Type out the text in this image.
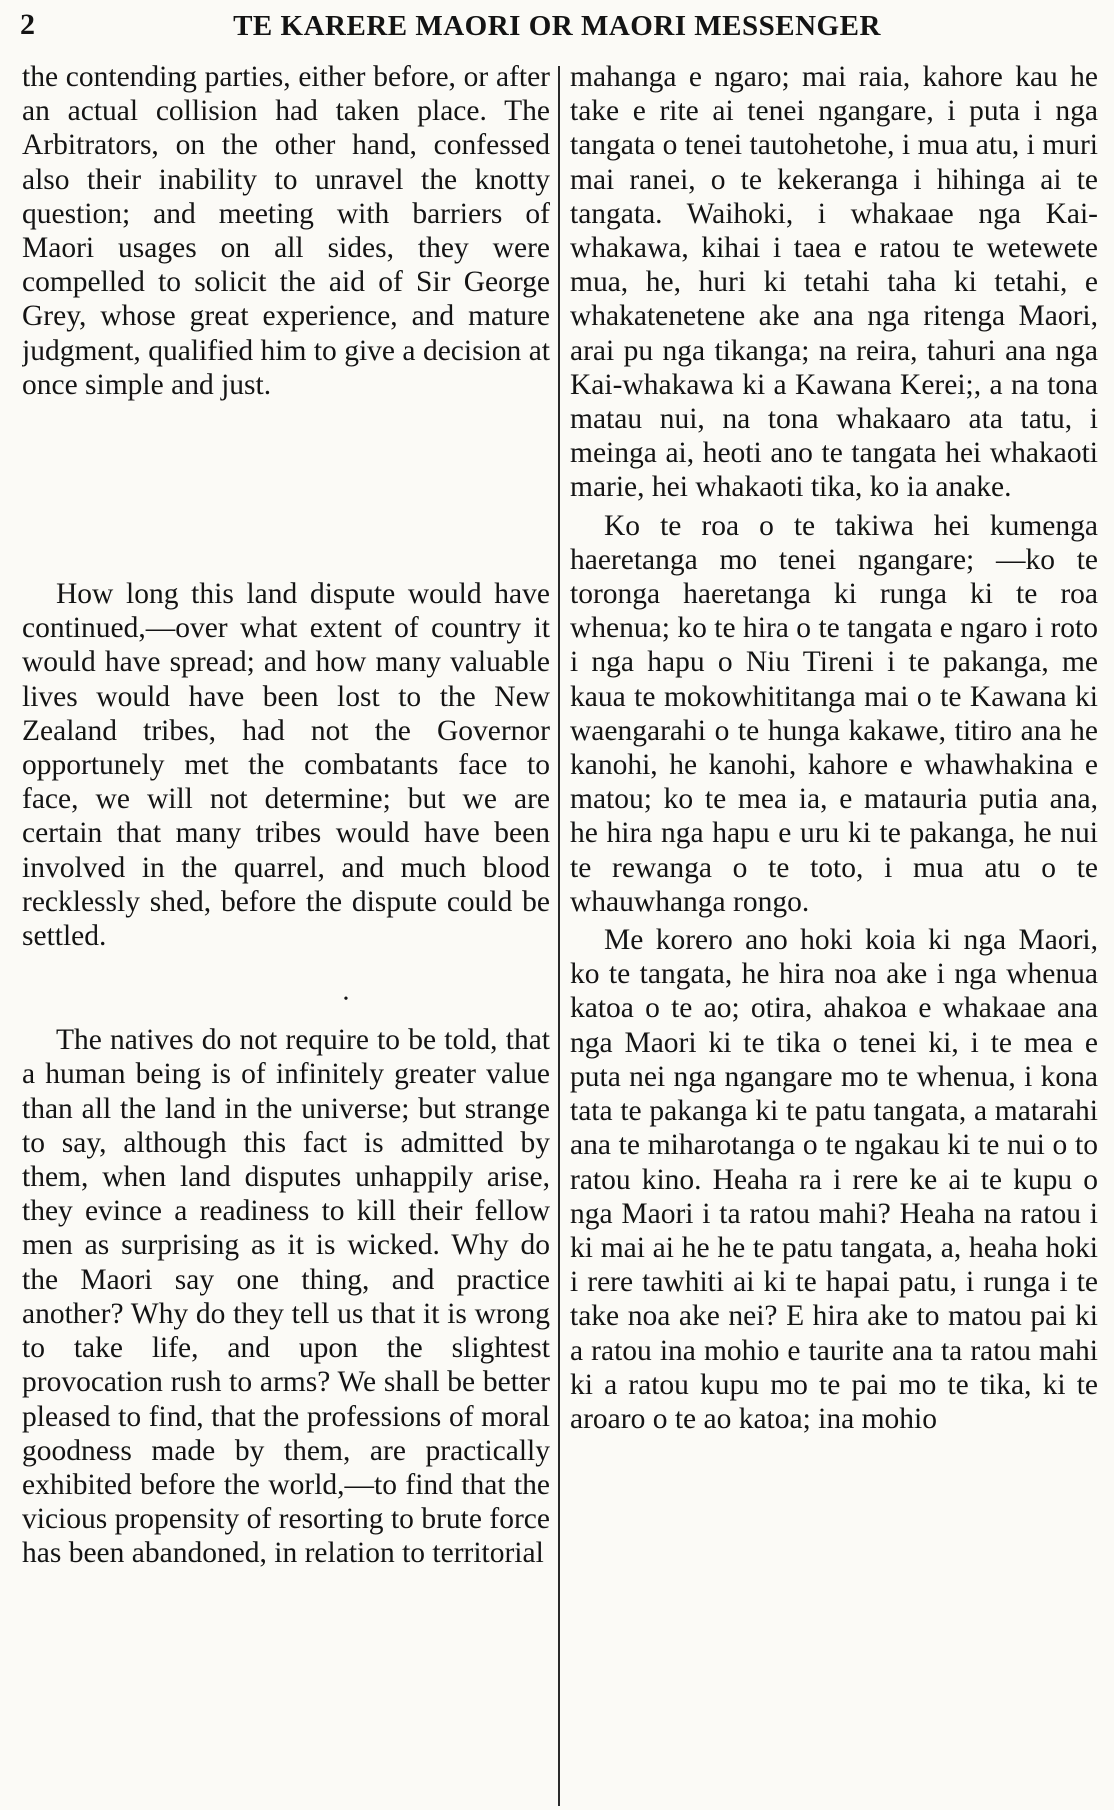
2	TE KARERE MAORI OR MAORI MESSENGER

the contending parties, either before, or after an actual collision had taken place. The Arbitrators, on the other hand, confessed also their inability to unravel the knotty question; and meeting with barriers of Maori usages on all sides, they were compelled to solicit the aid of Sir George Grey, whose great experience, and mature judgment, qualified him to give a decision at once simple and just.

How long this land dispute would have continued,—over what extent of country it would have spread; and how many valuable lives would have been lost to the New Zealand tribes, had not the Governor opportunely met the combatants face to face, we will not determine; but we are certain that many tribes would have been involved in the quarrel, and much blood recklessly shed, before the dispute could be settled.

•

The natives do not require to be told, that a human being is of infinitely greater value than all the land in the universe; but strange to say, although this fact is admitted by them, when land disputes unhappily arise, they evince a readiness to kill their fellow men as surprising as it is wicked. Why do the Maori say one thing, and practice another? Why do they tell us that it is wrong to take life, and upon the slightest provocation rush to arms? We shall be better pleased to find, that the professions of moral goodness made by them, are practically exhibited before the world,—to find that the vicious propensity of resorting to brute force has been abandoned, in relation to territorial

mahanga e ngaro; mai raia, kahore kau he take e rite ai tenei ngangare, i puta i nga tangata o tenei tautohetohe, i mua atu, i muri mai ranei, o te kekeranga i hihinga ai te tangata. Waihoki, i whakaae nga Kai-whakawa, kihai i taea e ratou te wetewete mua, he, huri ki tetahi taha ki tetahi, e whakatenetene ake ana nga ritenga Maori, arai pu nga tikanga; na reira, tahuri ana nga Kai-whakawa ki a Kawana Kerei;, a na tona matau nui, na tona whakaaro ata tatu, i meinga ai, heoti ano te tangata hei whakaoti marie, hei whakaoti tika, ko ia anake.

Ko te roa o te takiwa hei kumenga haeretanga mo tenei ngangare; —ko te toronga haeretanga ki runga ki te roa whenua; ko te hira o te tangata e ngaro i roto i nga hapu o Niu Tireni i te pakanga, me kaua te mokowhititanga mai o te Kawana ki waengarahi o te hunga kakawe, titiro ana he kanohi, he kanohi, kahore e whawhakina e matou; ko te mea ia, e matauria putia ana, he hira nga hapu e uru ki te pakanga, he nui te rewanga o te toto, i mua atu o te whauwhanga rongo.

Me korero ano hoki koia ki nga Maori, ko te tangata, he hira noa ake i nga whenua katoa o te ao; otira, ahakoa e whakaae ana nga Maori ki te tika o tenei ki, i te mea e puta nei nga ngangare mo te whenua, i kona tata te pakanga ki te patu tangata, a matarahi ana te miharotanga o te ngakau ki te nui o to ratou kino. Heaha ra i rere ke ai te kupu o nga Maori i ta ratou mahi? Heaha na ratou i ki mai ai he he te patu tangata, a, heaha hoki i rere tawhiti ai ki te hapai patu, i runga i te take noa ake nei? E hira ake to matou pai ki a ratou ina mohio e taurite ana ta ratou mahi ki a ratou kupu mo te pai mo te tika, ki te aroaro o te ao katoa; ina mohio
